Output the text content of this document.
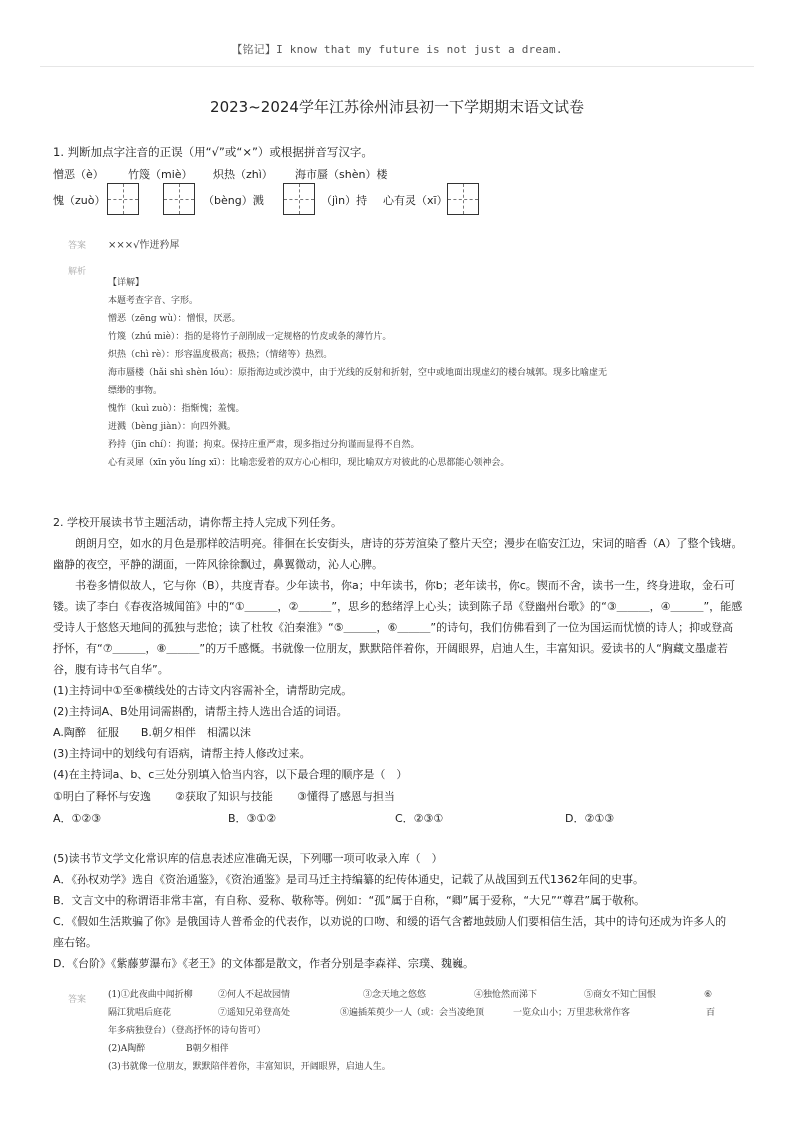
【铭记】I know that my future is not just a dream.
2023~2024学年江苏徐州沛县初一下学期期末语文试卷
1. 判断加点字注音的正误（用“√”或“×”）或根据拼音写汉字。
憎恶（è） 竹篾（miè） 炽热（zhì） 海市蜃（shèn）楼
愧（zuò）	（bèng）溅	（jìn）持 心有灵（xī）
答案 ×××√怍迸矜犀
解析
【详解】
本题考查字音、字形。
憎恶（zēng wù）：憎恨，厌恶。
竹篾（zhú miè）：指的是将竹子剖削成一定规格的竹皮或条的薄竹片。
炽热（chì rè）：形容温度极高；极热；（情绪等）热烈。
海市蜃楼（hǎi shì shèn lóu）：原指海边或沙漠中，由于光线的反射和折射，空中或地面出现虚幻的楼台城郭。现多比喻虚无
缥缈的事物。
愧怍（kuì zuò）：指惭愧；羞愧。
迸溅（bèng jiàn）：向四外溅。
矜持（jīn chí）：拘谨；拘束。保持庄重严肃，现多指过分拘谨而显得不自然。
心有灵犀（xīn yǒu líng xī）：比喻恋爱着的双方心心相印，现比喻双方对彼此的心思都能心领神会。

2. 学校开展读书节主题活动，请你帮主持人完成下列任务。

朗朗月空，如水的月色是那样皎洁明亮。徘徊在长安街头，唐诗的芬芳渲染了整片天空；漫步在临安江边，宋词的暗香（A）了整个钱塘。幽静的夜空，平静的湖面，一阵风徐徐飘过，鼻翼微动，沁人心脾。

书卷多情似故人，它与你（B），共度青春。少年读书，你a；中年读书，你b；老年读书，你c。锲而不舍，读书一生，终身进取，金石可镂。读了李白《春夜洛城闻笛》中的“①＿＿＿，②＿＿＿”，思乡的愁绪浮上心头；读到陈子昂《登幽州台歌》的“③＿＿＿，④＿＿＿”，能感受诗人于悠悠天地间的孤独与悲怆；读了杜牧《泊秦淮》“⑤＿＿＿，⑥＿＿＿”的诗句，我们仿佛看到了一位为国运而忧愤的诗人；抑或登高抒怀，有“⑦＿＿＿，⑧＿＿＿”的万千感慨。书就像一位朋友，默默陪伴着你，开阔眼界，启迪人生，丰富知识。爱读书的人“胸藏文墨虚若谷，腹有诗书气自华”。

(1)主持词中①至⑧横线处的古诗文内容需补全，请帮助完成。

(2)主持词A、B处用词需斟酌，请帮主持人选出合适的词语。

A.陶醉　征服　　B.朝夕相伴　相濡以沫

(3)主持词中的划线句有语病，请帮主持人修改过来。

(4)在主持词a、b、c三处分别填入恰当内容，以下最合理的顺序是（　）

①明白了释怀与安逸 ②获取了知识与技能 ③懂得了感恩与担当
A．①②③	B．③①②	C．②③①	D．②①③

(5)读书节文学文化常识库的信息表述应准确无误，下列哪一项可收录入库（　）

A．《孙权劝学》选自《资治通鉴》，《资治通鉴》是司马迁主持编纂的纪传体通史，记载了从战国到五代1362年间的史事。

B．文言文中的称谓语非常丰富，有自称、爱称、敬称等。例如：“孤”属于自称，“卿”属于爱称，“大兄”“尊君”属于敬称。

C．《假如生活欺骗了你》是俄国诗人普希金的代表作，以劝说的口吻、和缓的语气含蓄地鼓励人们要相信生活，其中的诗句还成为许多人的

座右铭。

D．《台阶》《紫藤萝瀑布》《老王》的文体都是散文，作者分别是李森祥、宗璞、魏巍。

答案 (1)①此夜曲中闻折柳	②何人不起故园情	③念天地之悠悠	④独怆然而涕下	⑤商女不知亡国恨	⑥
隔江犹唱后庭花	⑦遥知兄弟登高处	⑧遍插茱萸少一人（或：会当凌绝顶	一览众山小；万里悲秋常作客	百
年多病独登台）（登高抒怀的诗句皆可）
(2)A陶醉	B朝夕相伴
(3)书就像一位朋友，默默陪伴着你，丰富知识，开阔眼界，启迪人生。
